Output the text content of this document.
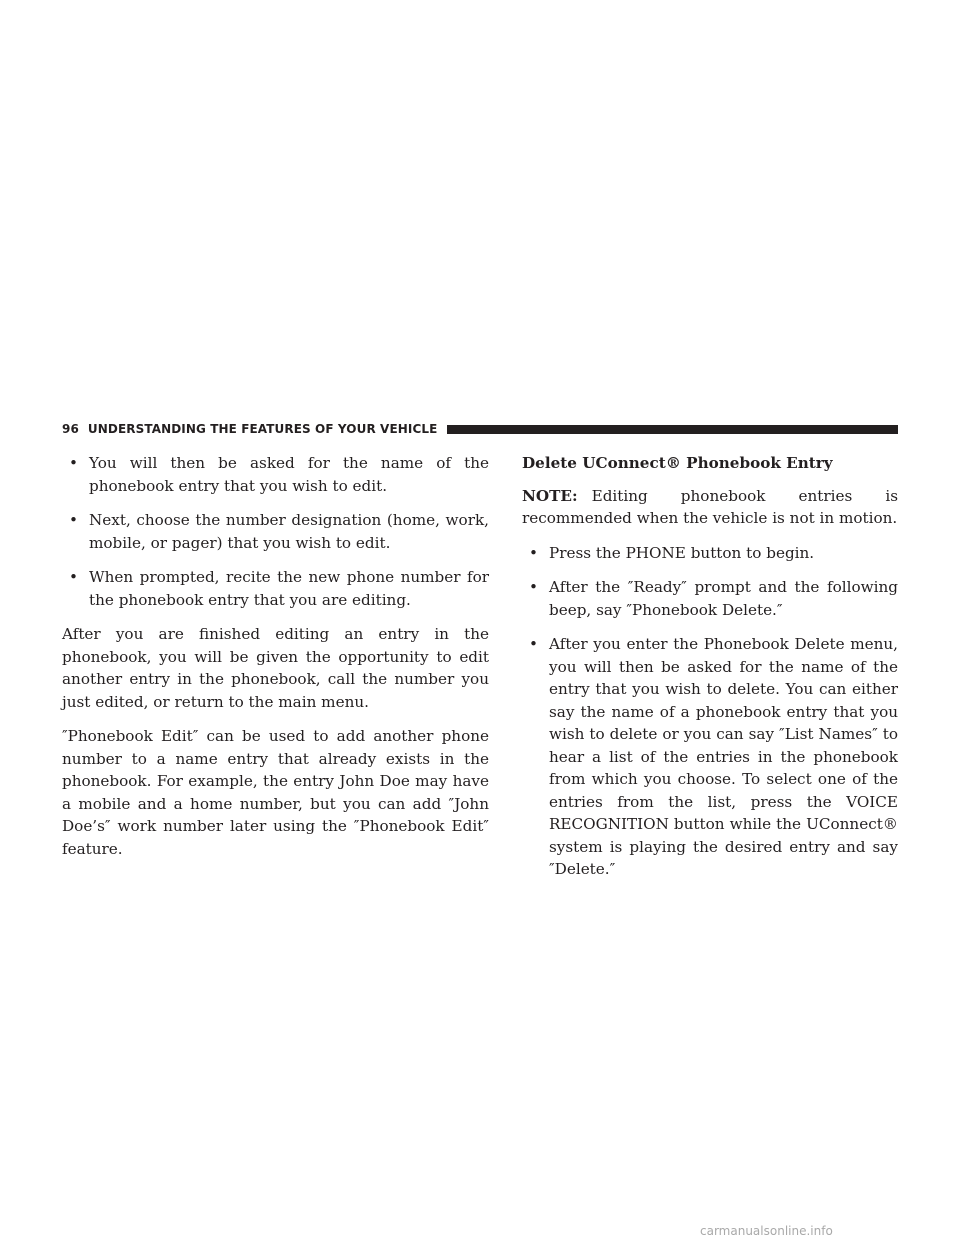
96 UNDERSTANDING THE FEATURES OF YOUR VEHICLE
• You will then be asked for the name of the phonebook entry that you wish to edit.
• Next, choose the number designation (home, work, mobile, or pager) that you wish to edit.
• When prompted, recite the new phone number for the phonebook entry that you are editing.

After you are finished editing an entry in the phonebook, you will be given the opportunity to edit another entry in the phonebook, call the number you just edited, or return to the main menu.

″Phonebook Edit″ can be used to add another phone number to a name entry that already exists in the phonebook. For example, the entry John Doe may have a mobile and a home number, but you can add ″John Doe’s″ work number later using the ″Phonebook Edit″ feature.

Delete UConnect® Phonebook Entry

NOTE: Editing phonebook entries is recommended when the vehicle is not in motion.

• Press the PHONE button to begin.
• After the ″Ready″ prompt and the following beep, say ″Phonebook Delete.″
• After you enter the Phonebook Delete menu, you will then be asked for the name of the entry that you wish to delete. You can either say the name of a phonebook entry that you wish to delete or you can say ″List Names″ to hear a list of the entries in the phonebook from which you choose. To select one of the entries from the list, press the VOICE RECOGNITION button while the UConnect® system is playing the desired entry and say ″Delete.″
carmanualsonline.info
